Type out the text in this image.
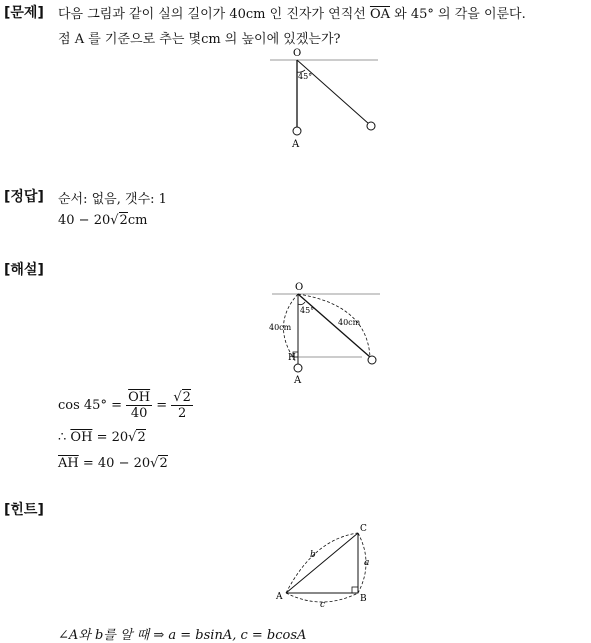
[문제] 다음 그림과 같이 실의 길이가 40cm 인 진자가 연직선 $\overline{OA}$ 와 45° 의 각을 이룬다.
점 A 를 기준으로 추는 몇cm 의 높이에 있겠는가?
O
45°
A
[정답] 순서: 없음, 갯수: 1
40 − 20√2cm
[해설]
O
45°
40cm
40cm
H
A
$\cos 45^\circ = \frac{\overline{OH}}{40} = \frac{√2}{2}$
∴ $\overline{OH} = 20√2$
$\overline{AH} = 40 - 20√2$
[힌트]
A	B
C
b
a
c
∠A와 b를 알 때 ⇒ a = bsinA, c = bcosA
